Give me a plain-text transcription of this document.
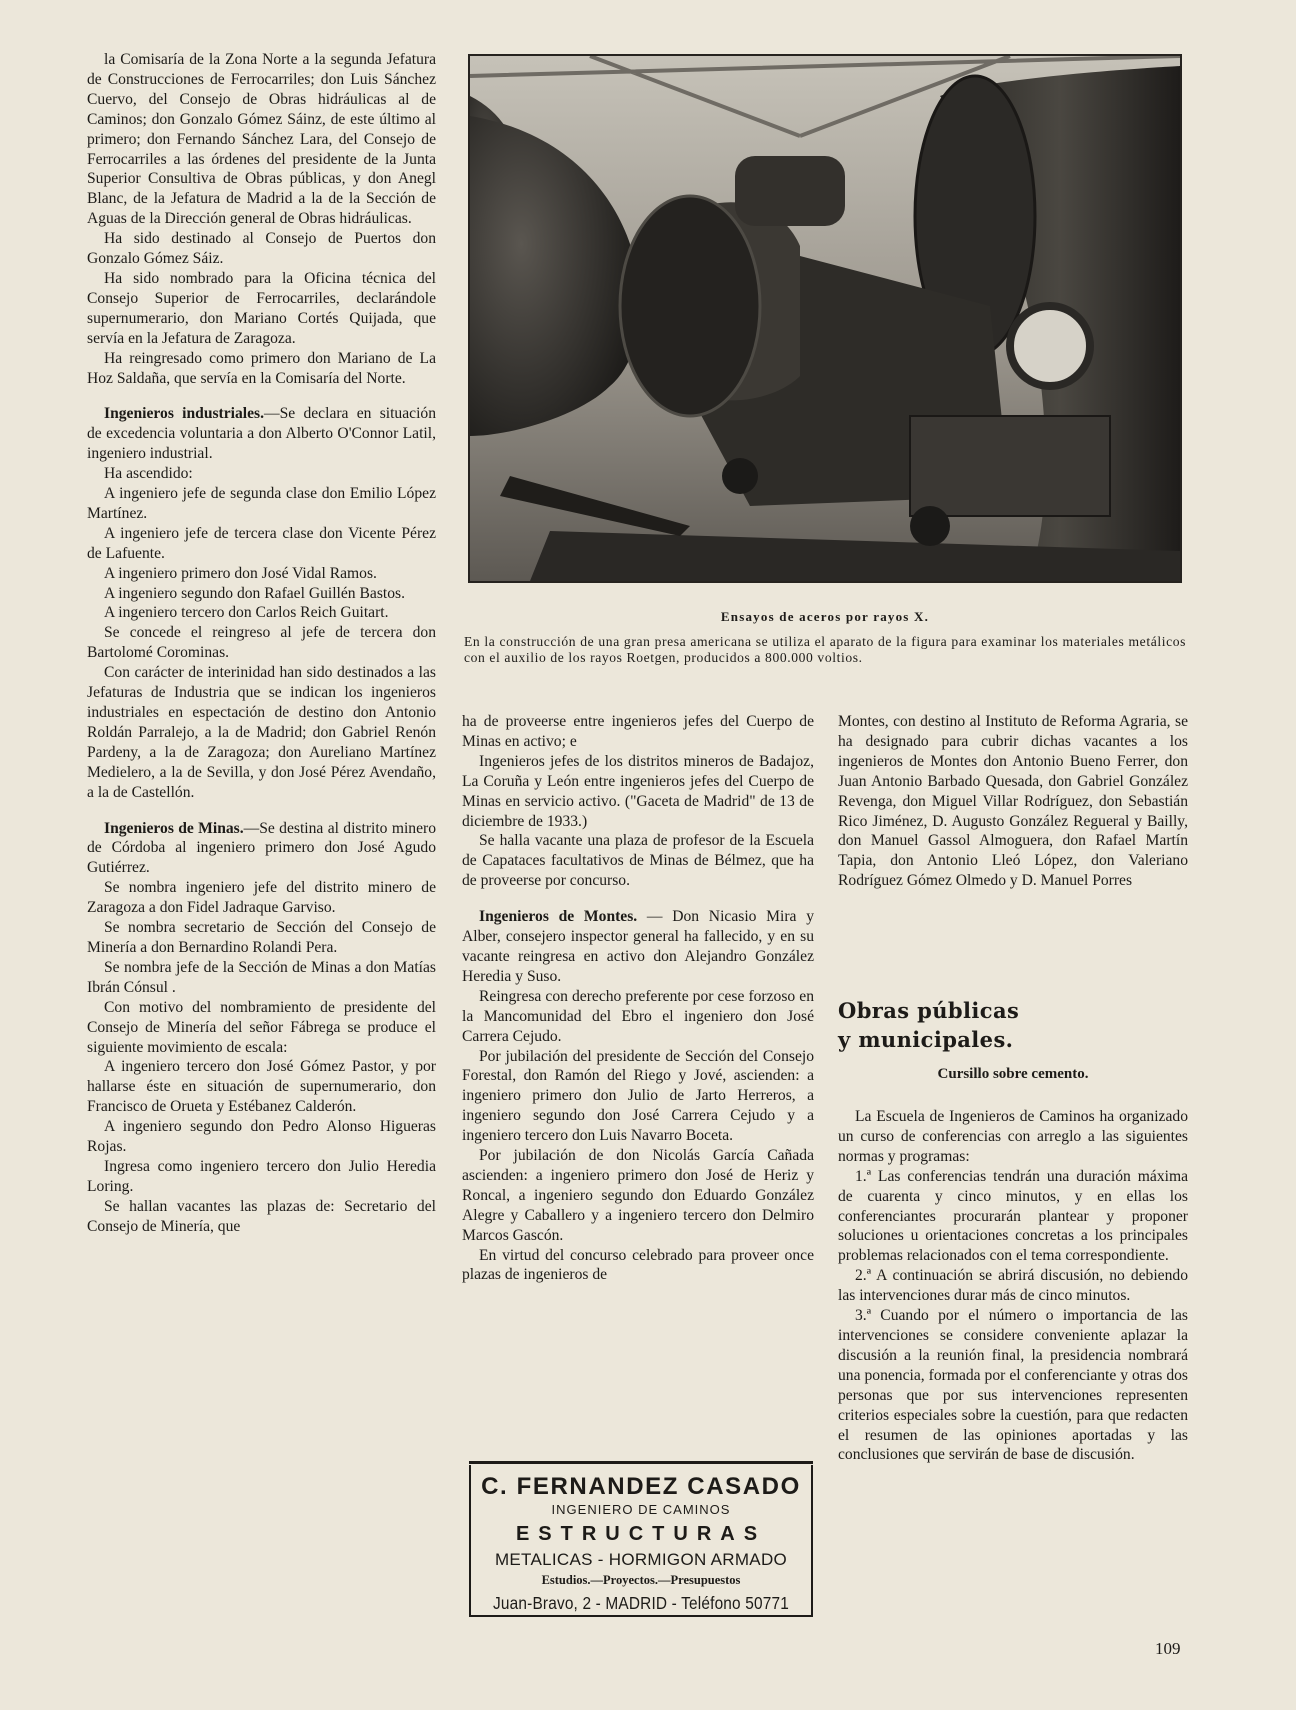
la Comisaría de la Zona Norte a la segunda Jefatura de Construcciones de Ferrocarriles; don Luis Sánchez Cuervo, del Consejo de Obras hidráulicas al de Caminos; don Gonzalo Gómez Sáinz, de este último al primero; don Fernando Sánchez Lara, del Consejo de Ferrocarriles a las órdenes del presidente de la Junta Superior Consultiva de Obras públicas, y don Anegl Blanc, de la Jefatura de Madrid a la de la Sección de Aguas de la Dirección general de Obras hidráulicas.

Ha sido destinado al Consejo de Puertos don Gonzalo Gómez Sáiz.

Ha sido nombrado para la Oficina técnica del Consejo Superior de Ferrocarriles, declarándole supernumerario, don Mariano Cortés Quijada, que servía en la Jefatura de Zaragoza.

Ha reingresado como primero don Mariano de La Hoz Saldaña, que servía en la Comisaría del Norte.

Ingenieros industriales.—Se declara en situación de excedencia voluntaria a don Alberto O'Connor Latil, ingeniero industrial.

Ha ascendido:

A ingeniero jefe de segunda clase don Emilio López Martínez.

A ingeniero jefe de tercera clase don Vicente Pérez de Lafuente.

A ingeniero primero don José Vidal Ramos.

A ingeniero segundo don Rafael Guillén Bastos.

A ingeniero tercero don Carlos Reich Guitart.

Se concede el reingreso al jefe de tercera don Bartolomé Corominas.

Con carácter de interinidad han sido destinados a las Jefaturas de Industria que se indican los ingenieros industriales en espectación de destino don Antonio Roldán Parralejo, a la de Madrid; don Gabriel Renón Pardeny, a la de Zaragoza; don Aureliano Martínez Medielero, a la de Sevilla, y don José Pérez Avendaño, a la de Castellón.

Ingenieros de Minas.—Se destina al distrito minero de Córdoba al ingeniero primero don José Agudo Gutiérrez.

Se nombra ingeniero jefe del distrito minero de Zaragoza a don Fidel Jadraque Garviso.

Se nombra secretario de Sección del Consejo de Minería a don Bernardino Rolandi Pera.

Se nombra jefe de la Sección de Minas a don Matías Ibrán Cónsul .

Con motivo del nombramiento de presidente del Consejo de Minería del señor Fábrega se produce el siguiente movimiento de escala:

A ingeniero tercero don José Gómez Pastor, y por hallarse éste en situación de supernumerario, don Francisco de Orueta y Estébanez Calderón.

A ingeniero segundo don Pedro Alonso Higueras Rojas.

Ingresa como ingeniero tercero don Julio Heredia Loring.

Se hallan vacantes las plazas de: Secretario del Consejo de Minería, que

Ensayos de aceros por rayos X.
En la construcción de una gran presa americana se utiliza el aparato de la figura para examinar los materiales metálicos con el auxilio de los rayos Roetgen, producidos a 800.000 voltios.

ha de proveerse entre ingenieros jefes del Cuerpo de Minas en activo; e

Ingenieros jefes de los distritos mineros de Badajoz, La Coruña y León entre ingenieros jefes del Cuerpo de Minas en servicio activo. ("Gaceta de Madrid" de 13 de diciembre de 1933.)

Se halla vacante una plaza de profesor de la Escuela de Capataces facultativos de Minas de Bélmez, que ha de proveerse por concurso.

Ingenieros de Montes. — Don Nicasio Mira y Alber, consejero inspector general ha fallecido, y en su vacante reingresa en activo don Alejandro González Heredia y Suso.

Reingresa con derecho preferente por cese forzoso en la Mancomunidad del Ebro el ingeniero don José Carrera Cejudo.

Por jubilación del presidente de Sección del Consejo Forestal, don Ramón del Riego y Jové, ascienden: a ingeniero primero don Julio de Jarto Herreros, a ingeniero segundo don José Carrera Cejudo y a ingeniero tercero don Luis Navarro Boceta.

Por jubilación de don Nicolás García Cañada ascienden: a ingeniero primero don José de Heriz y Roncal, a ingeniero segundo don Eduardo González Alegre y Caballero y a ingeniero tercero don Delmiro Marcos Gascón.

En virtud del concurso celebrado para proveer once plazas de ingenieros de

Montes, con destino al Instituto de Reforma Agraria, se ha designado para cubrir dichas vacantes a los ingenieros de Montes don Antonio Bueno Ferrer, don Juan Antonio Barbado Quesada, don Gabriel González Revenga, don Miguel Villar Rodríguez, don Sebastián Rico Jiménez, D. Augusto González Regueral y Bailly, don Manuel Gassol Almoguera, don Rafael Martín Tapia, don Antonio Lleó López, don Valeriano Rodríguez Gómez Olmedo y D. Manuel Porres

Obras públicas
y municipales.
Cursillo sobre cemento.

La Escuela de Ingenieros de Caminos ha organizado un curso de conferencias con arreglo a las siguientes normas y programas:

1.ª Las conferencias tendrán una duración máxima de cuarenta y cinco minutos, y en ellas los conferenciantes procurarán plantear y proponer soluciones u orientaciones concretas a los principales problemas relacionados con el tema correspondiente.

2.ª A continuación se abrirá discusión, no debiendo las intervenciones durar más de cinco minutos.

3.ª Cuando por el número o importancia de las intervenciones se considere conveniente aplazar la discusión a la reunión final, la presidencia nombrará una ponencia, formada por el conferenciante y otras dos personas que por sus intervenciones representen criterios especiales sobre la cuestión, para que redacten el resumen de las opiniones aportadas y las conclusiones que servirán de base de discusión.

C. FERNANDEZ CASADO
INGENIERO DE CAMINOS
ESTRUCTURAS
METALICAS - HORMIGON ARMADO
Estudios.—Proyectos.—Presupuestos
Juan-Bravo, 2 - MADRID - Teléfono 50771
109
